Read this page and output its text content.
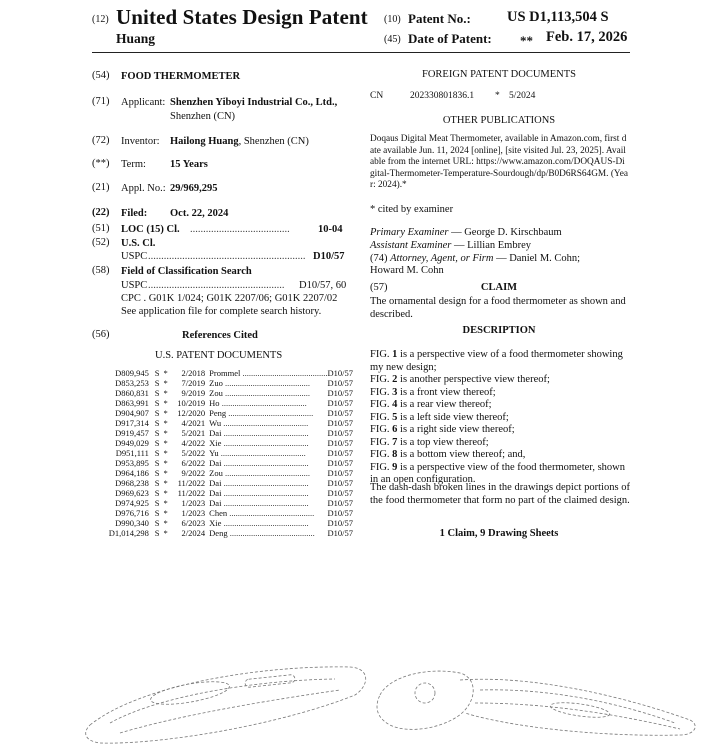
(12) United States Design Patent
Huang
(10) Patent No.: US D1,113,504 S
(45) Date of Patent: ** Feb. 17, 2026
(54)	FOOD THERMOMETER
(71)	Applicant: Shenzhen Yiboyi Industrial Co., Ltd.,
Shenzhen (CN)
(72)	Inventor: Hailong Huang, Shenzhen (CN)
(**)	Term: 15 Years
(21)	Appl. No.: 29/969,295
(22)	Filed: Oct. 22, 2024
(51)	LOC (15) Cl. ......................................	10-04
(52)	U.S. Cl.
USPC ............................................................ D10/57
(58)	Field of Classification Search
USPC .................................................... D10/57, 60
CPC . G01K 1/024; G01K 2207/06; G01K 2207/02
See application file for complete search history.
(56)	References Cited
U.S. PATENT DOCUMENTS
D809,945	S	*	2/2018	Prommel ........................................	D10/57
D853,253	S	*	7/2019	Zuo ........................................	D10/57
D860,831	S	*	9/2019	Zou ........................................	D10/57
D863,991	S	*	10/2019	Ho ........................................	D10/57
D904,907	S	*	12/2020	Peng ........................................	D10/57
D917,314	S	*	4/2021	Wu ........................................	D10/57
D919,457	S	*	5/2021	Dai ........................................	D10/57
D949,029	S	*	4/2022	Xie ........................................	D10/57
D951,111	S	*	5/2022	Yu ........................................	D10/57
D953,895	S	*	6/2022	Dai ........................................	D10/57
D964,186	S	*	9/2022	Zou ........................................	D10/57
D968,238	S	*	11/2022	Dai ........................................	D10/57
D969,623	S	*	11/2022	Dai ........................................	D10/57
D974,925	S	*	1/2023	Dai ........................................	D10/57
D976,716	S	*	1/2023	Chen ........................................	D10/57
D990,340	S	*	6/2023	Xie ........................................	D10/57
D1,014,298	S	*	2/2024	Deng ........................................	D10/57
FOREIGN PATENT DOCUMENTS
CN	202330801836.1 * 5/2024
OTHER PUBLICATIONS
Doqaus Digital Meat Thermometer, available in Amazon.com, first date available Jun. 11, 2024 [online], [site visited Jul. 23, 2025]. Available from the internet URL: https://www.amazon.com/DOQAUS-Digital-Thermometer-Temperature-Sourdough/dp/B0D6RS64GM. (Year: 2024).*
* cited by examiner
Primary Examiner — George D. Kirschbaum
Assistant Examiner — Lillian Embrey
(74) Attorney, Agent, or Firm — Daniel M. Cohn;
Howard M. Cohn
(57)	CLAIM
The ornamental design for a food thermometer as shown and described.
DESCRIPTION
FIG. 1 is a perspective view of a food thermometer showing my new design;
FIG. 2 is another perspective view thereof;
FIG. 3 is a front view thereof;
FIG. 4 is a rear view thereof;
FIG. 5 is a left side view thereof;
FIG. 6 is a right side view thereof;
FIG. 7 is a top view thereof;
FIG. 8 is a bottom view thereof; and,
FIG. 9 is a perspective view of the food thermometer, shown in an open configuration.
The dash-dash broken lines in the drawings depict portions of the food thermometer that form no part of the claimed design.
1 Claim, 9 Drawing Sheets
